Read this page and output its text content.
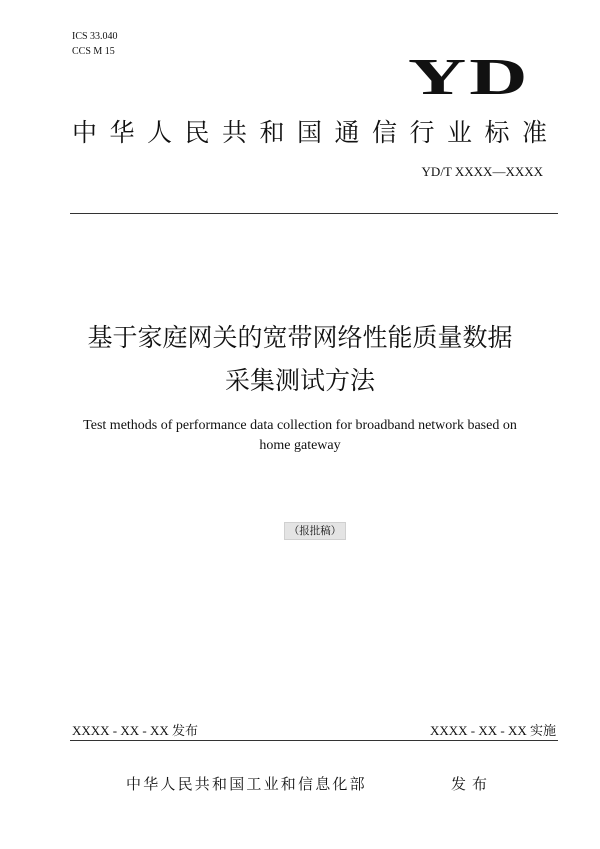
ICS 33.040
CCS M 15	YD
中华人民共和国通信行业标准
YD/T XXXX—XXXX
基于家庭网关的宽带网络性能质量数据
采集测试方法
Test methods of performance data collection for broadband network based on home gateway
（报批稿）
XXXX - XX - XX 发布	XXXX - XX - XX 实施
中华人民共和国工业和信息化部	发布
